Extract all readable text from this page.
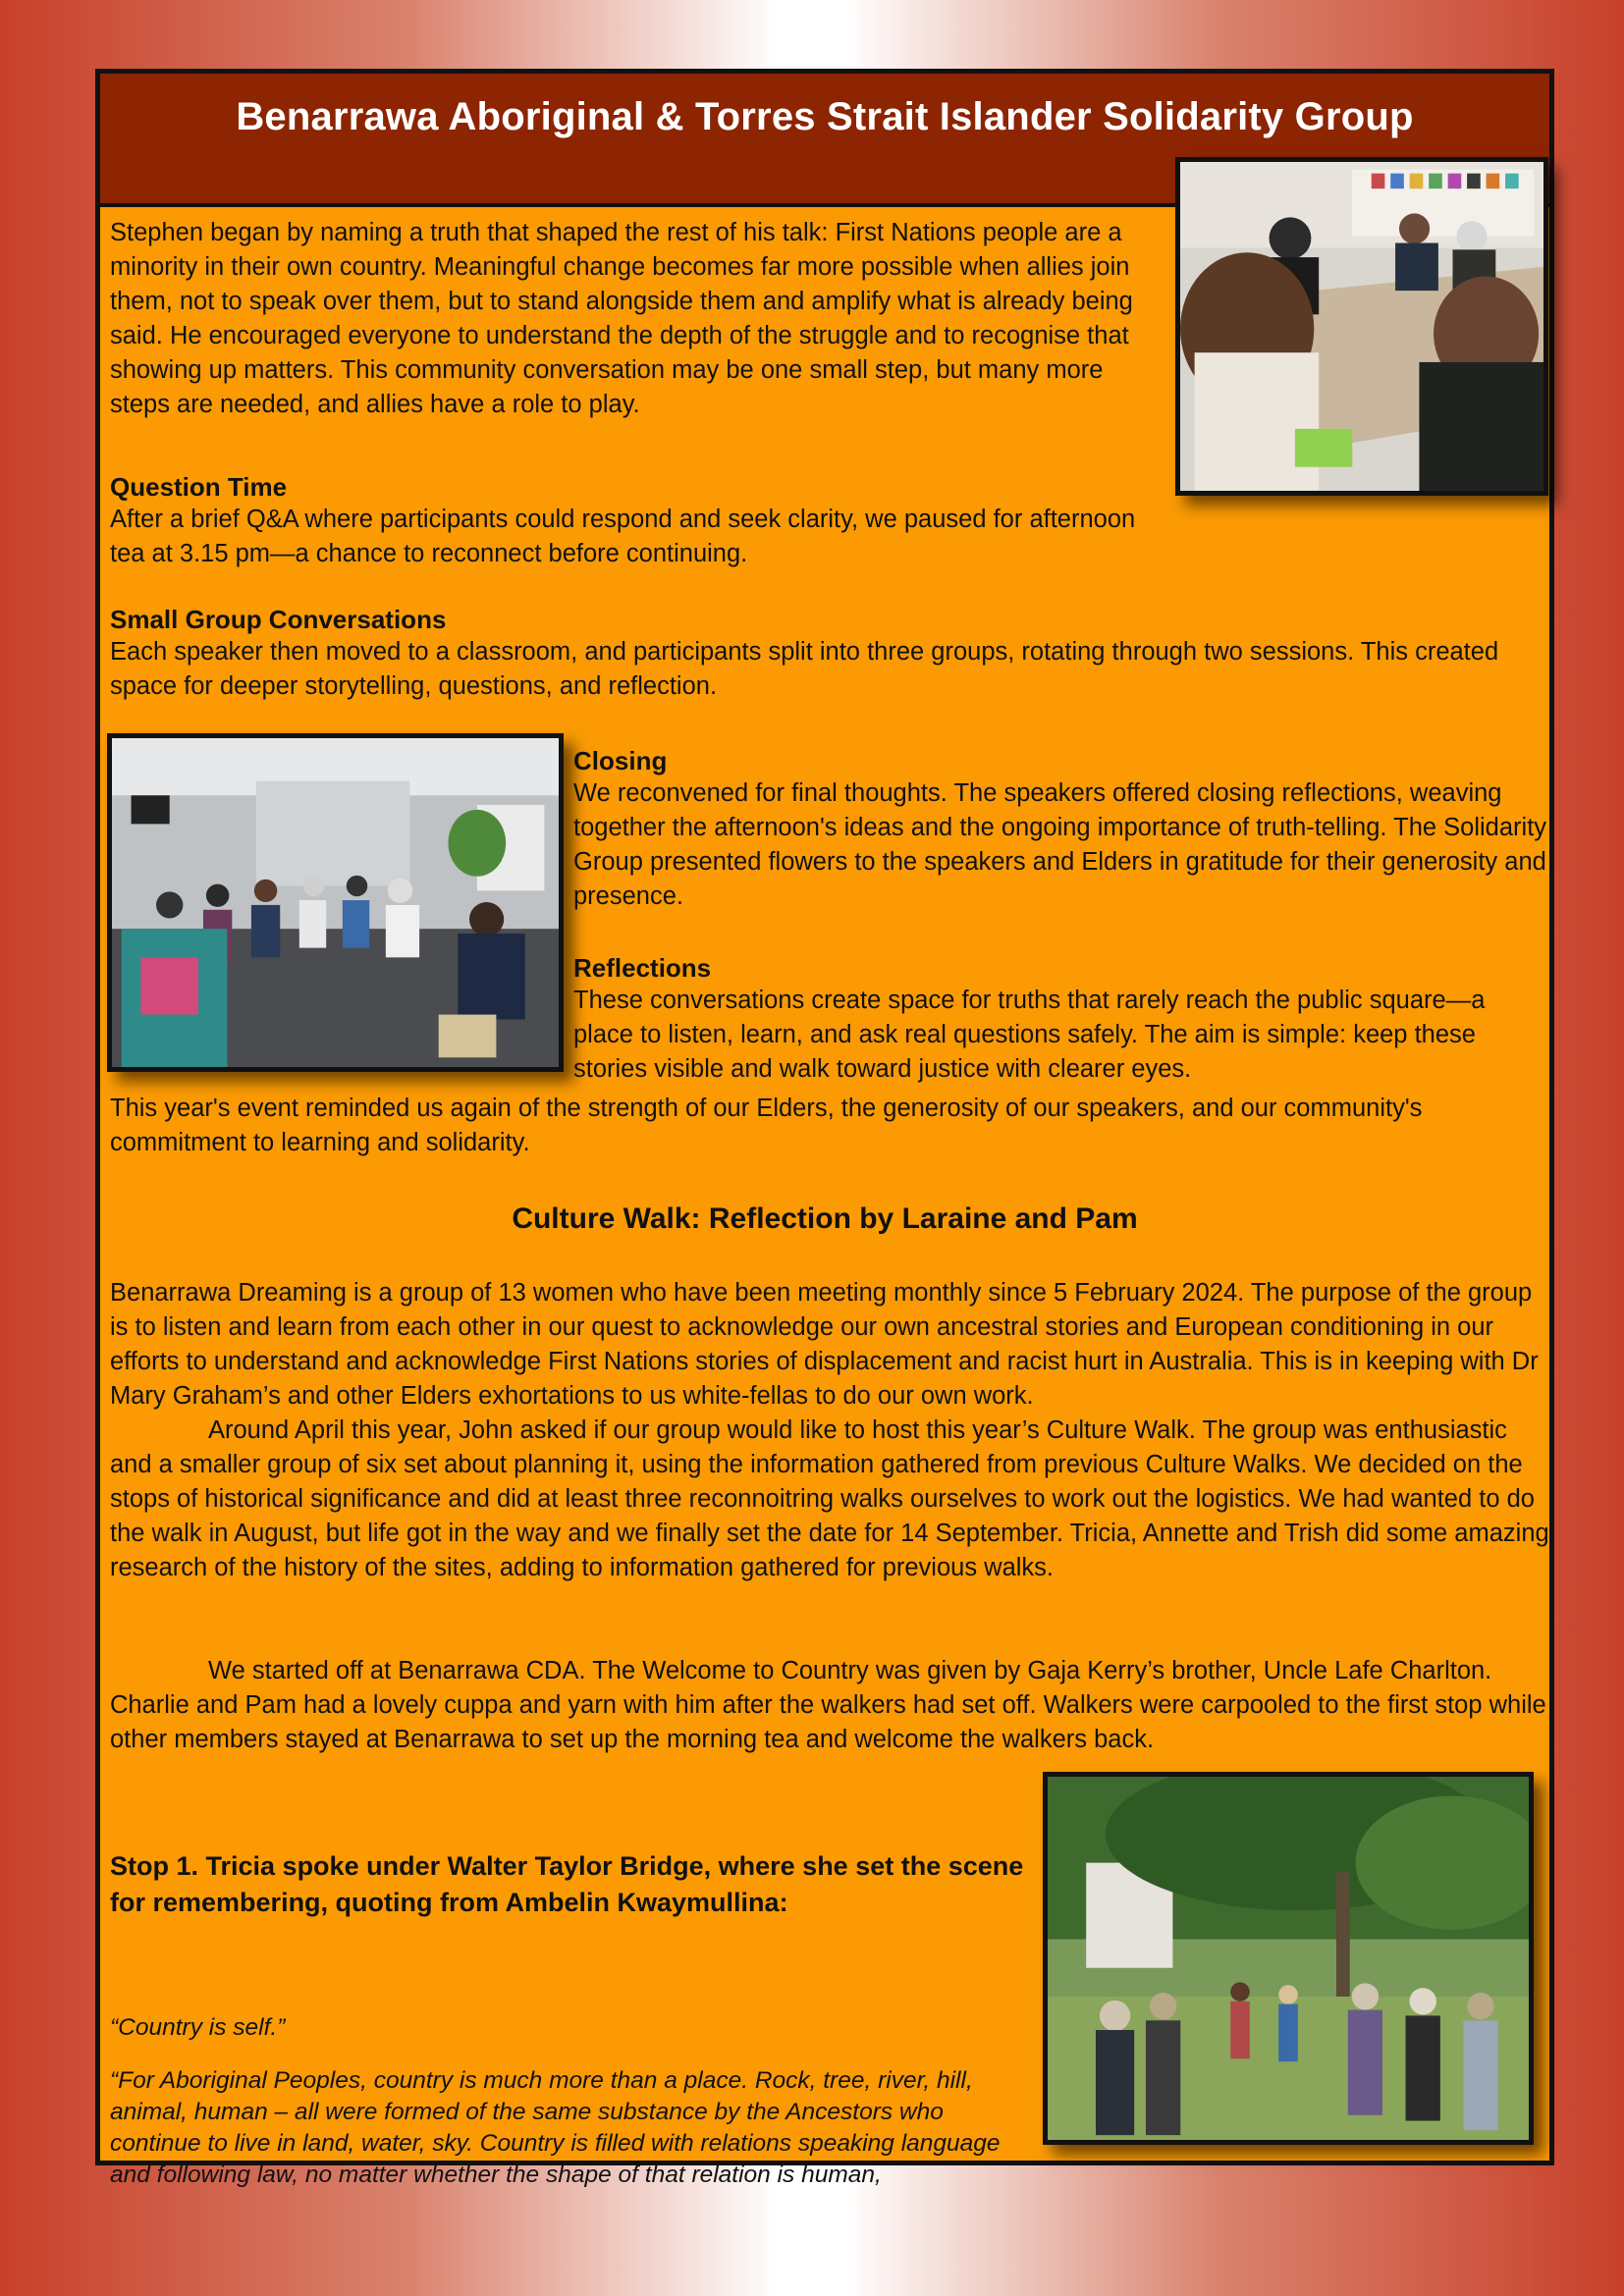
Benarrawa Aboriginal & Torres Strait Islander Solidarity Group

Stephen began by naming a truth that shaped the rest of his talk: First Nations people are a minority in their own country. Meaningful change becomes far more possible when allies join them, not to speak over them, but to stand alongside them and amplify what is already being said. He encouraged everyone to understand the depth of the struggle and to recognise that showing up matters. This community conversation may be one small step, but many more steps are needed, and allies have a role to play.

Question Time

After a brief Q&A where participants could respond and seek clarity, we paused for afternoon tea at 3.15 pm—a chance to reconnect before continuing.

Small Group Conversations

Each speaker then moved to a classroom, and participants split into three groups, rotating through two sessions. This created space for deeper storytelling, questions, and reflection.

Closing

We reconvened for final thoughts. The speakers offered closing reflections, weaving together the afternoon's ideas and the ongoing importance of truth-telling. The Solidarity Group presented flowers to the speakers and Elders in gratitude for their generosity and presence.

Reflections

These conversations create space for truths that rarely reach the public square—a place to listen, learn, and ask real questions safely. The aim is simple: keep these stories visible and walk toward justice with clearer eyes.

This year's event reminded us again of the strength of our Elders, the generosity of our speakers, and our community's commitment to learning and solidarity.

Culture Walk: Reflection by Laraine and Pam

Benarrawa Dreaming is a group of 13 women who have been meeting monthly since 5 February 2024. The purpose of the group is to listen and learn from each other in our quest to acknowledge our own ancestral stories and European conditioning in our efforts to understand and acknowledge First Nations stories of displacement and racist hurt in Australia. This is in keeping with Dr Mary Graham’s and other Elders exhortations to us white-fellas to do our own work.

Around April this year, John asked if our group would like to host this year’s Culture Walk. The group was enthusiastic and a smaller group of six set about planning it, using the information gathered from previous Culture Walks. We decided on the stops of historical significance and did at least three reconnoitring walks ourselves to work out the logistics. We had wanted to do the walk in August, but life got in the way and we finally set the date for 14 September. Tricia, Annette and Trish did some amazing research of the history of the sites, adding to information gathered for previous walks.

We started off at Benarrawa CDA. The Welcome to Country was given by Gaja Kerry’s brother, Uncle Lafe Charlton. Charlie and Pam had a lovely cuppa and yarn with him after the walkers had set off. Walkers were carpooled to the first stop while other members stayed at Benarrawa to set up the morning tea and welcome the walkers back.

Stop 1. Tricia spoke under Walter Taylor Bridge, where she set the scene for remembering, quoting from Ambelin Kwaymullina:

“Country is self.”

“For Aboriginal Peoples, country is much more than a place. Rock, tree, river, hill, animal, human – all were formed of the same substance by the Ancestors who continue to live in land, water, sky. Country is filled with relations speaking language and following law, no matter whether the shape of that relation is human,
